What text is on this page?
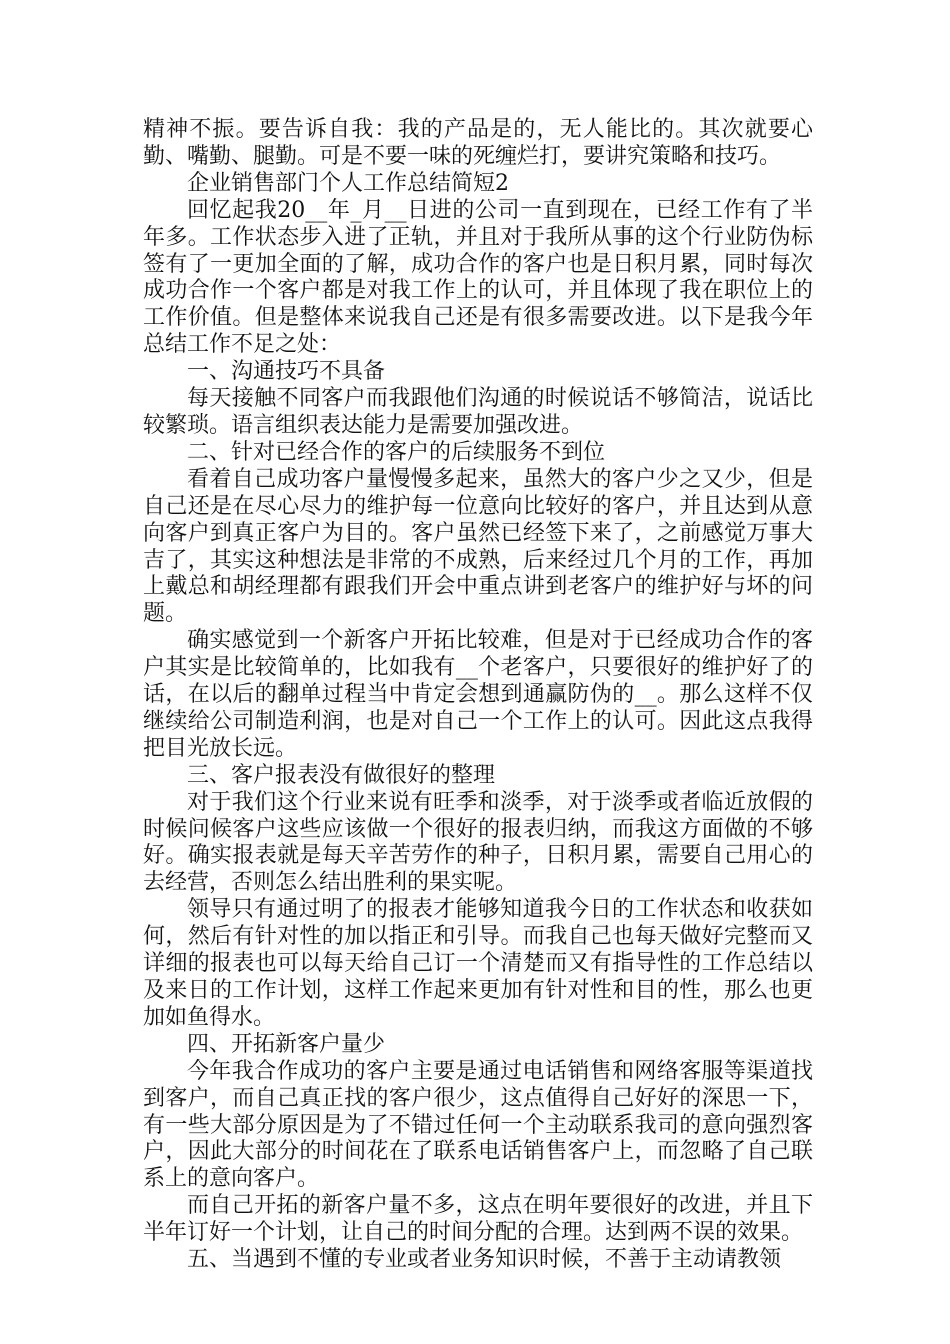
精神不振。要告诉自我：我的产品是的，无人能比的。其次就要心勤、嘴勤、腿勤。可是不要一味的死缠烂打，要讲究策略和技巧。

企业销售部门个人工作总结简短2

回忆起我20__年_月__日进的公司一直到现在，已经工作有了半年多。工作状态步入进了正轨，并且对于我所从事的这个行业防伪标签有了一更加全面的了解，成功合作的客户也是日积月累，同时每次成功合作一个客户都是对我工作上的认可，并且体现了我在职位上的工作价值。但是整体来说我自己还是有很多需要改进。以下是我今年总结工作不足之处：

一、沟通技巧不具备

每天接触不同客户而我跟他们沟通的时候说话不够简洁，说话比较繁琐。语言组织表达能力是需要加强改进。

二、针对已经合作的客户的后续服务不到位

看着自己成功客户量慢慢多起来，虽然大的客户少之又少，但是自己还是在尽心尽力的维护每一位意向比较好的客户，并且达到从意向客户到真正客户为目的。客户虽然已经签下来了，之前感觉万事大吉了，其实这种想法是非常的不成熟，后来经过几个月的工作，再加上戴总和胡经理都有跟我们开会中重点讲到老客户的维护好与坏的问题。

确实感觉到一个新客户开拓比较难，但是对于已经成功合作的客户其实是比较简单的，比如我有__个老客户，只要很好的维护好了的话，在以后的翻单过程当中肯定会想到通赢防伪的__。那么这样不仅继续给公司制造利润，也是对自己一个工作上的认可。因此这点我得把目光放长远。

三、客户报表没有做很好的整理

对于我们这个行业来说有旺季和淡季，对于淡季或者临近放假的时候问候客户这些应该做一个很好的报表归纳，而我这方面做的不够好。确实报表就是每天辛苦劳作的种子，日积月累，需要自己用心的去经营，否则怎么结出胜利的果实呢。

领导只有通过明了的报表才能够知道我今日的工作状态和收获如何，然后有针对性的加以指正和引导。而我自己也每天做好完整而又详细的报表也可以每天给自己订一个清楚而又有指导性的工作总结以及来日的工作计划，这样工作起来更加有针对性和目的性，那么也更加如鱼得水。

四、开拓新客户量少

今年我合作成功的客户主要是通过电话销售和网络客服等渠道找到客户，而自己真正找的客户很少，这点值得自己好好的深思一下，有一些大部分原因是为了不错过任何一个主动联系我司的意向强烈客户，因此大部分的时间花在了联系电话销售客户上，而忽略了自己联系上的意向客户。

而自己开拓的新客户量不多，这点在明年要很好的改进，并且下半年订好一个计划，让自己的时间分配的合理。达到两不误的效果。

五、当遇到不懂的专业或者业务知识时候，不善于主动请教领
